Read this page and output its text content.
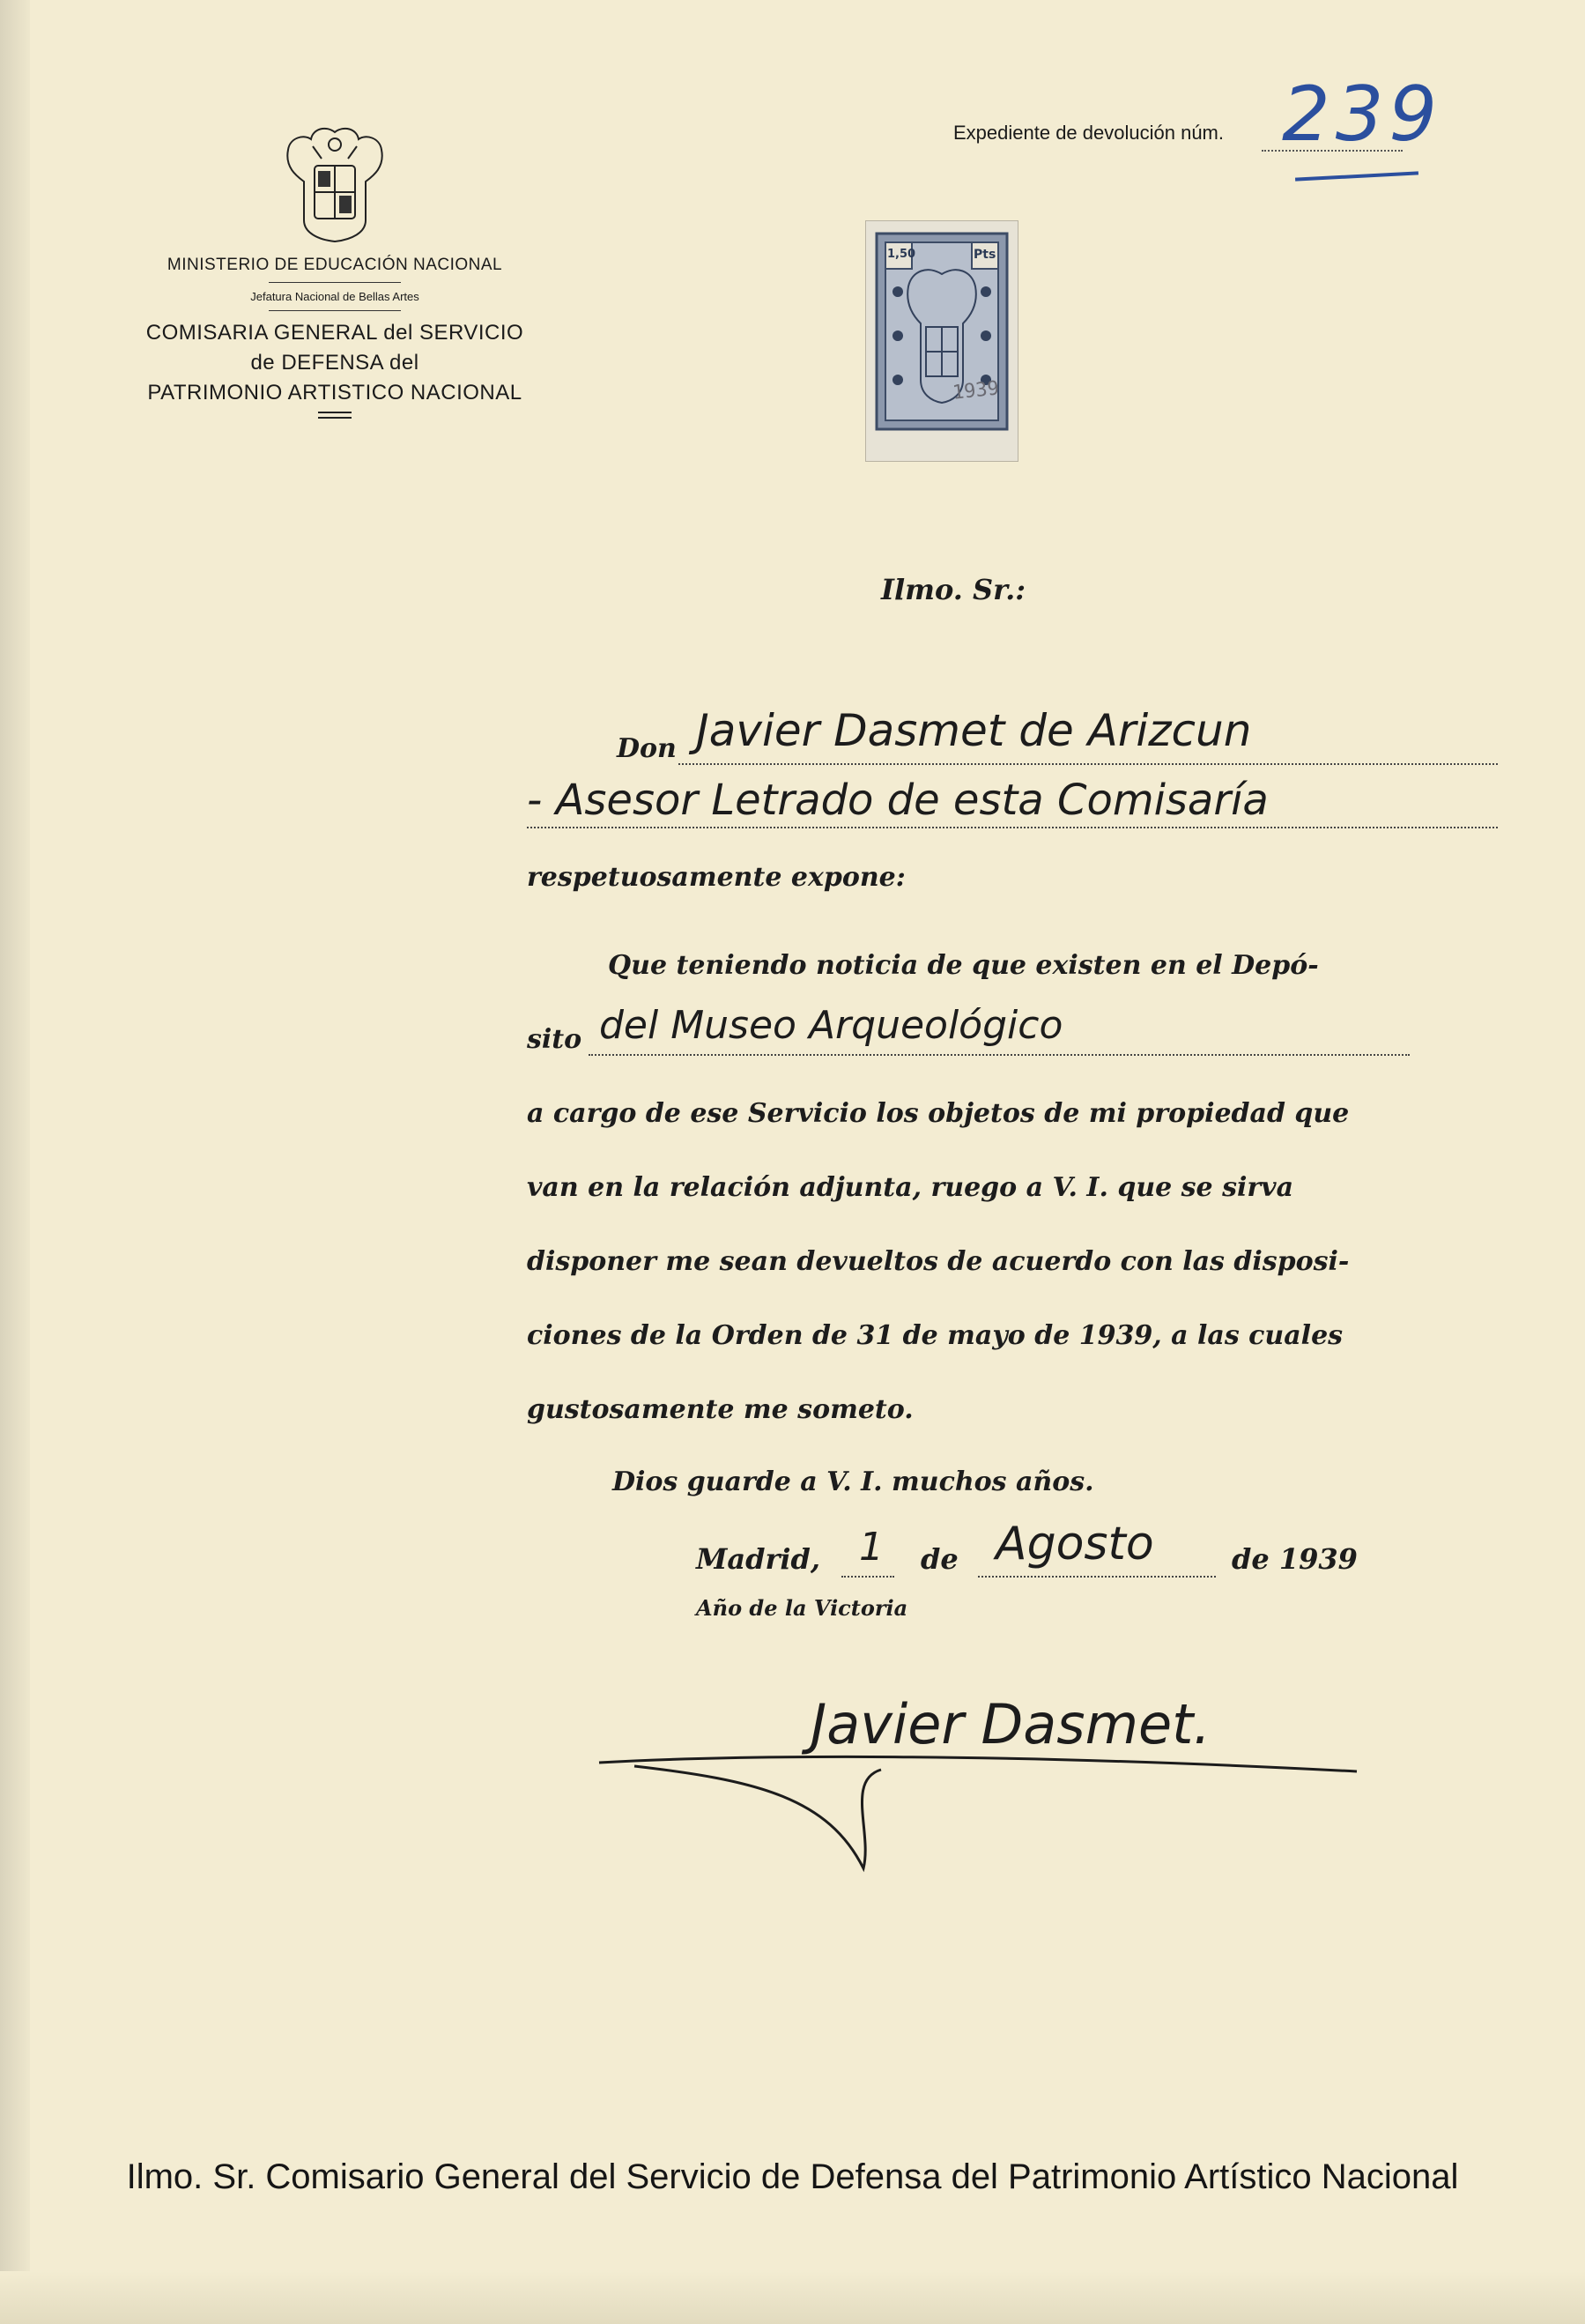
MINISTERIO DE EDUCACIÓN NACIONAL
Jefatura Nacional de Bellas Artes
COMISARIA GENERAL del SERVICIO
de DEFENSA del
PATRIMONIO ARTISTICO NACIONAL
Expediente de devolución núm. 239
1,50	Pts
1939
Ilmo. Sr.:
Don Javier Dasmet de Arizcun
- Asesor Letrado de esta Comisaría
respetuosamente expone:
Que teniendo noticia de que existen en el Depó-
sito del Museo Arqueológico
a cargo de ese Servicio los objetos de mi propiedad que
van en la relación adjunta, ruego a V. I. que se sirva
disponer me sean devueltos de acuerdo con las disposi-
ciones de la Orden de 31 de mayo de 1939, a las cuales
gustosamente me someto.
Dios guarde a V. I. muchos años.
Madrid, 1 de Agosto	de 1939
Año de la Victoria
Javier Dasmet.
Ilmo. Sr. Comisario General del Servicio de Defensa del Patrimonio Artístico Nacional
